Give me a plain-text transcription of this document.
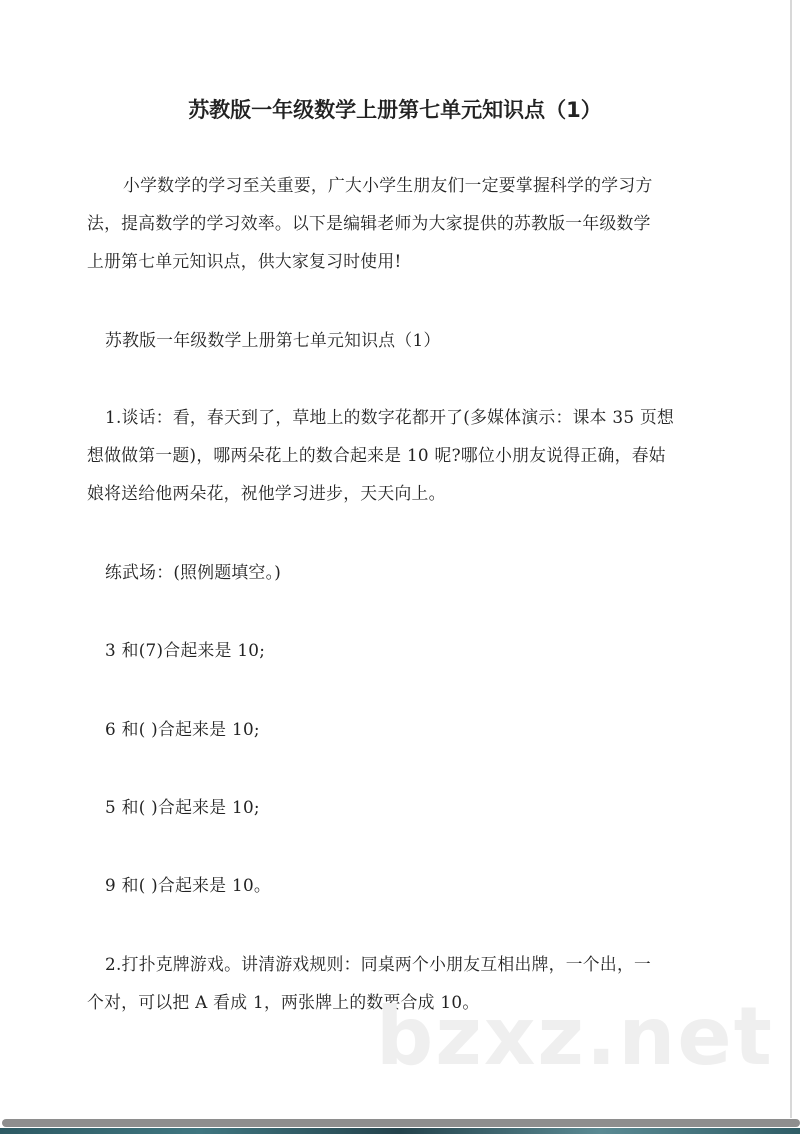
苏教版一年级数学上册第七单元知识点（1）
小学数学的学习至关重要，广大小学生朋友们一定要掌握科学的学习方
法，提高数学的学习效率。以下是编辑老师为大家提供的苏教版一年级数学
上册第七单元知识点，供大家复习时使用!
苏教版一年级数学上册第七单元知识点（1）
1.谈话：看，春天到了，草地上的数字花都开了(多媒体演示：课本 35 页想
想做做第一题)，哪两朵花上的数合起来是 10 呢?哪位小朋友说得正确，春姑
娘将送给他两朵花，祝他学习进步，天天向上。
练武场：(照例题填空。)
3 和(7)合起来是 10;
6 和( )合起来是 10;
5 和( )合起来是 10;
9 和( )合起来是 10。
2.打扑克牌游戏。讲清游戏规则：同桌两个小朋友互相出牌，一个出，一
个对，可以把 A 看成 1，两张牌上的数要合成 10。
bzxz.net
